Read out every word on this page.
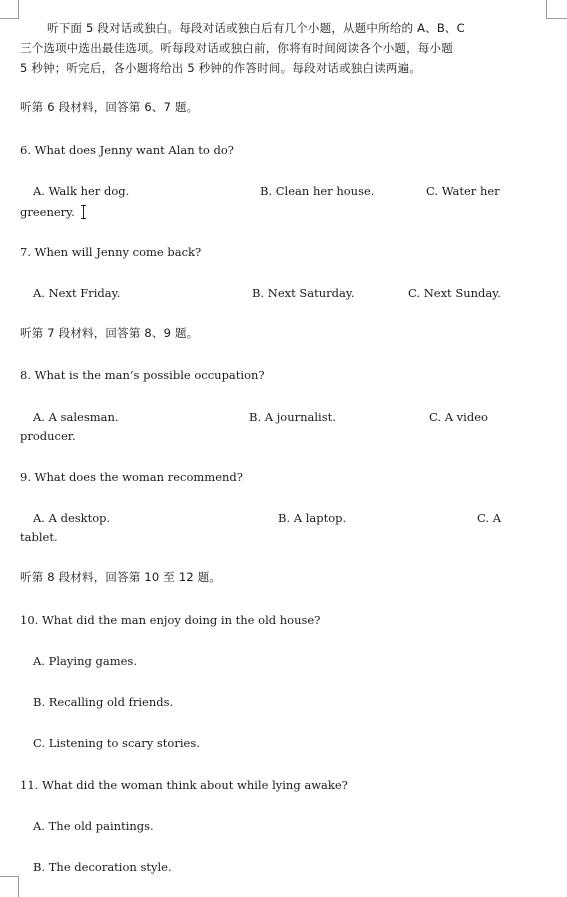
听下面 5 段对话或独白。每段对话或独白后有几个小题，从题中所给的 A、B、C
三个选项中选出最佳选项。听每段对话或独白前，你将有时间阅读各个小题，每小题
5 秒钟；听完后，各小题将给出 5 秒钟的作答时间。每段对话或独白读两遍。
听第 6 段材料，回答第 6、7 题。
6. What does Jenny want Alan to do?
A. Walk her dog.	B. Clean her house.	C. Water her
greenery.
7. When will Jenny come back?
A. Next Friday.	B. Next Saturday.	C. Next Sunday.
听第 7 段材料，回答第 8、9 题。
8. What is the man’s possible occupation?
A. A salesman.	B. A journalist.	C. A video
producer.
9. What does the woman recommend?
A. A desktop.	B. A laptop.	C. A
tablet.
听第 8 段材料，回答第 10 至 12 题。
10. What did the man enjoy doing in the old house?
A. Playing games.
B. Recalling old friends.
C. Listening to scary stories.
11. What did the woman think about while lying awake?
A. The old paintings.
B. The decoration style.
